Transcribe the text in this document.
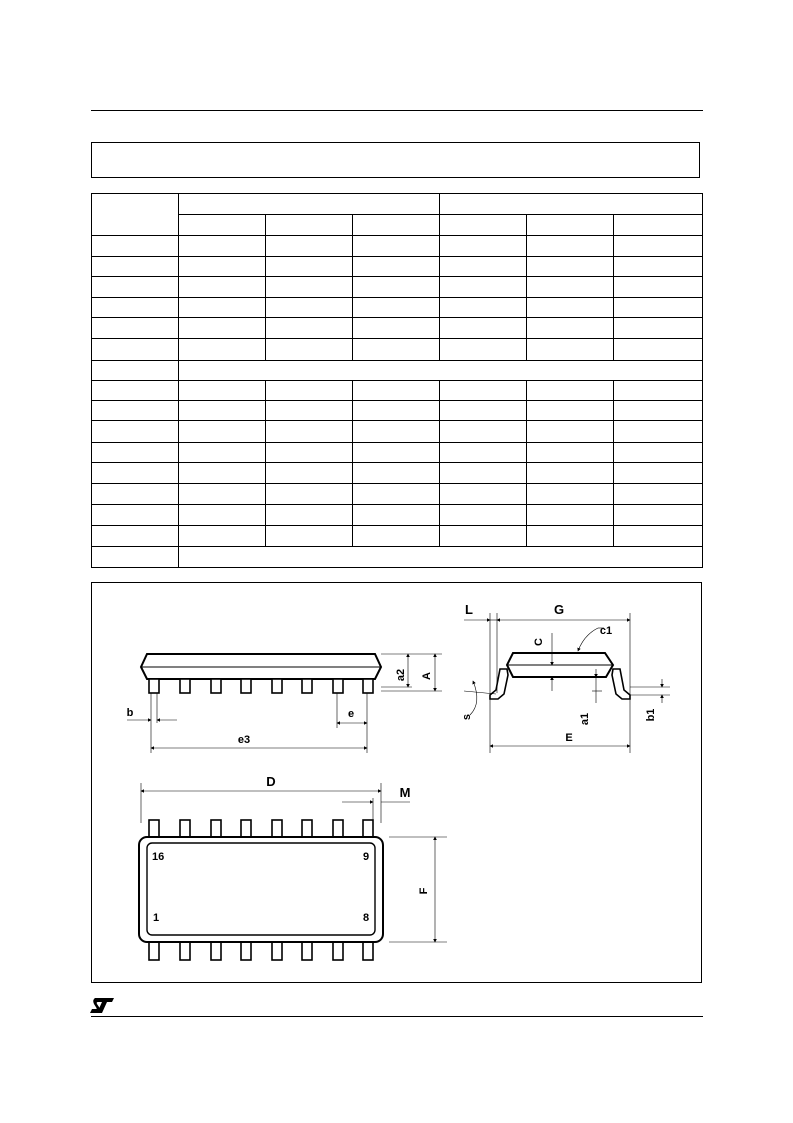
b	e
e3
a2 A
L	G
C
c1
s	a1	b1
E
D
M
F
16	9
1	8
